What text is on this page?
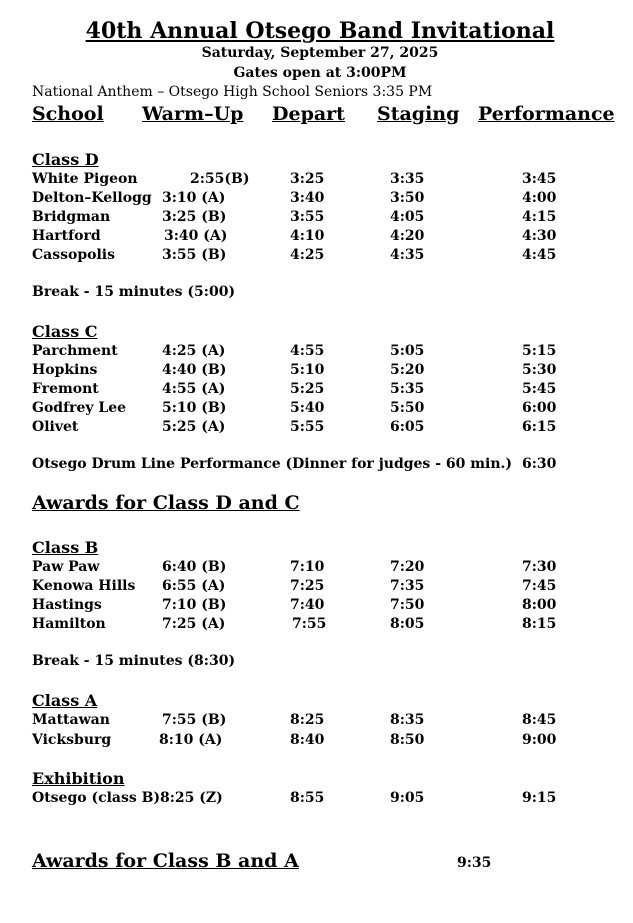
40th Annual Otsego Band Invitational
Saturday, September 27, 2025
Gates open at 3:00PM
National Anthem – Otsego High School Seniors 3:35 PM
School Warm–Up Depart Staging Performance
Class D
White Pigeon	2:55(B)	3:25	3:35	3:45
Delton–Kellogg 3:10 (A)	3:40	3:50	4:00
Bridgman	3:25 (B)	3:55	4:05	4:15
Hartford	3:40 (A)	4:10	4:20	4:30
Cassopolis	3:55 (B)	4:25	4:35	4:45
Break - 15 minutes (5:00)
Class C
Parchment	4:25 (A)	4:55	5:05	5:15
Hopkins	4:40 (B)	5:10	5:20	5:30
Fremont	4:55 (A)	5:25	5:35	5:45
Godfrey Lee	5:10 (B)	5:40	5:50	6:00
Olivet	5:25 (A)	5:55	6:05	6:15
Otsego Drum Line Performance (Dinner for judges - 60 min.) 6:30
Awards for Class D and C
Class B
Paw Paw	6:40 (B)	7:10	7:20	7:30
Kenowa Hills 6:55 (A)	7:25	7:35	7:45
Hastings	7:10 (B)	7:40	7:50	8:00
Hamilton	7:25 (A)	7:55	8:05	8:15
Break - 15 minutes (8:30)
Class A
Mattawan	7:55 (B)	8:25	8:35	8:45
Vicksburg	8:10 (A)	8:40	8:50	9:00
Exhibition
Otsego (class B) 8:25 (Z)	8:55	9:05	9:15
Awards for Class B and A	9:35
